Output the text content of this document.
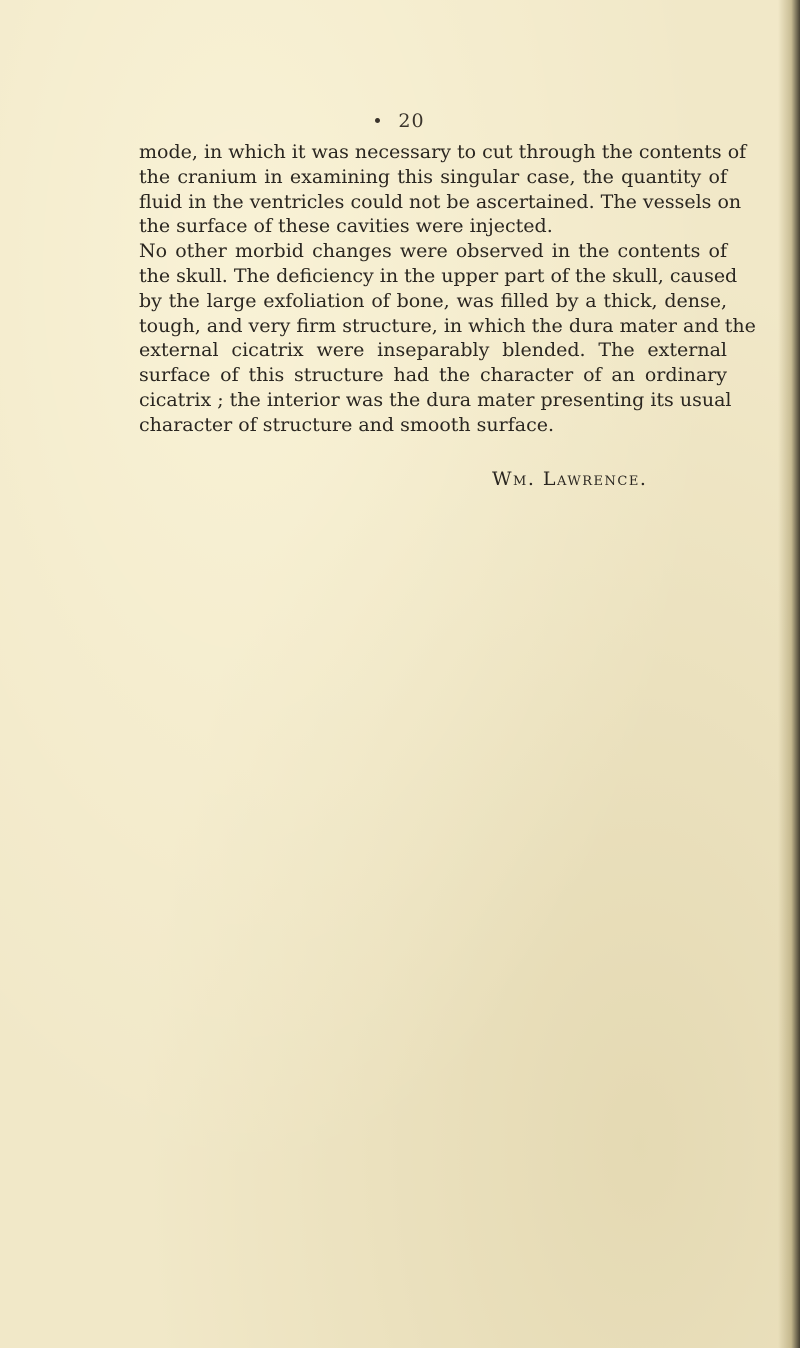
20
mode, in which it was necessary to cut through the contents of
the cranium in examining this singular case, the quantity of
fluid in the ventricles could not be ascertained. The vessels on
the surface of these cavities were injected.
No other morbid changes were observed in the contents of
the skull. The deficiency in the upper part of the skull, caused
by the large exfoliation of bone, was filled by a thick, dense,
tough, and very firm structure, in which the dura mater and the
external cicatrix were inseparably blended. The external
surface of this structure had the character of an ordinary
cicatrix ; the interior was the dura mater presenting its usual
character of structure and smooth surface.
Wm. Lawrence.
